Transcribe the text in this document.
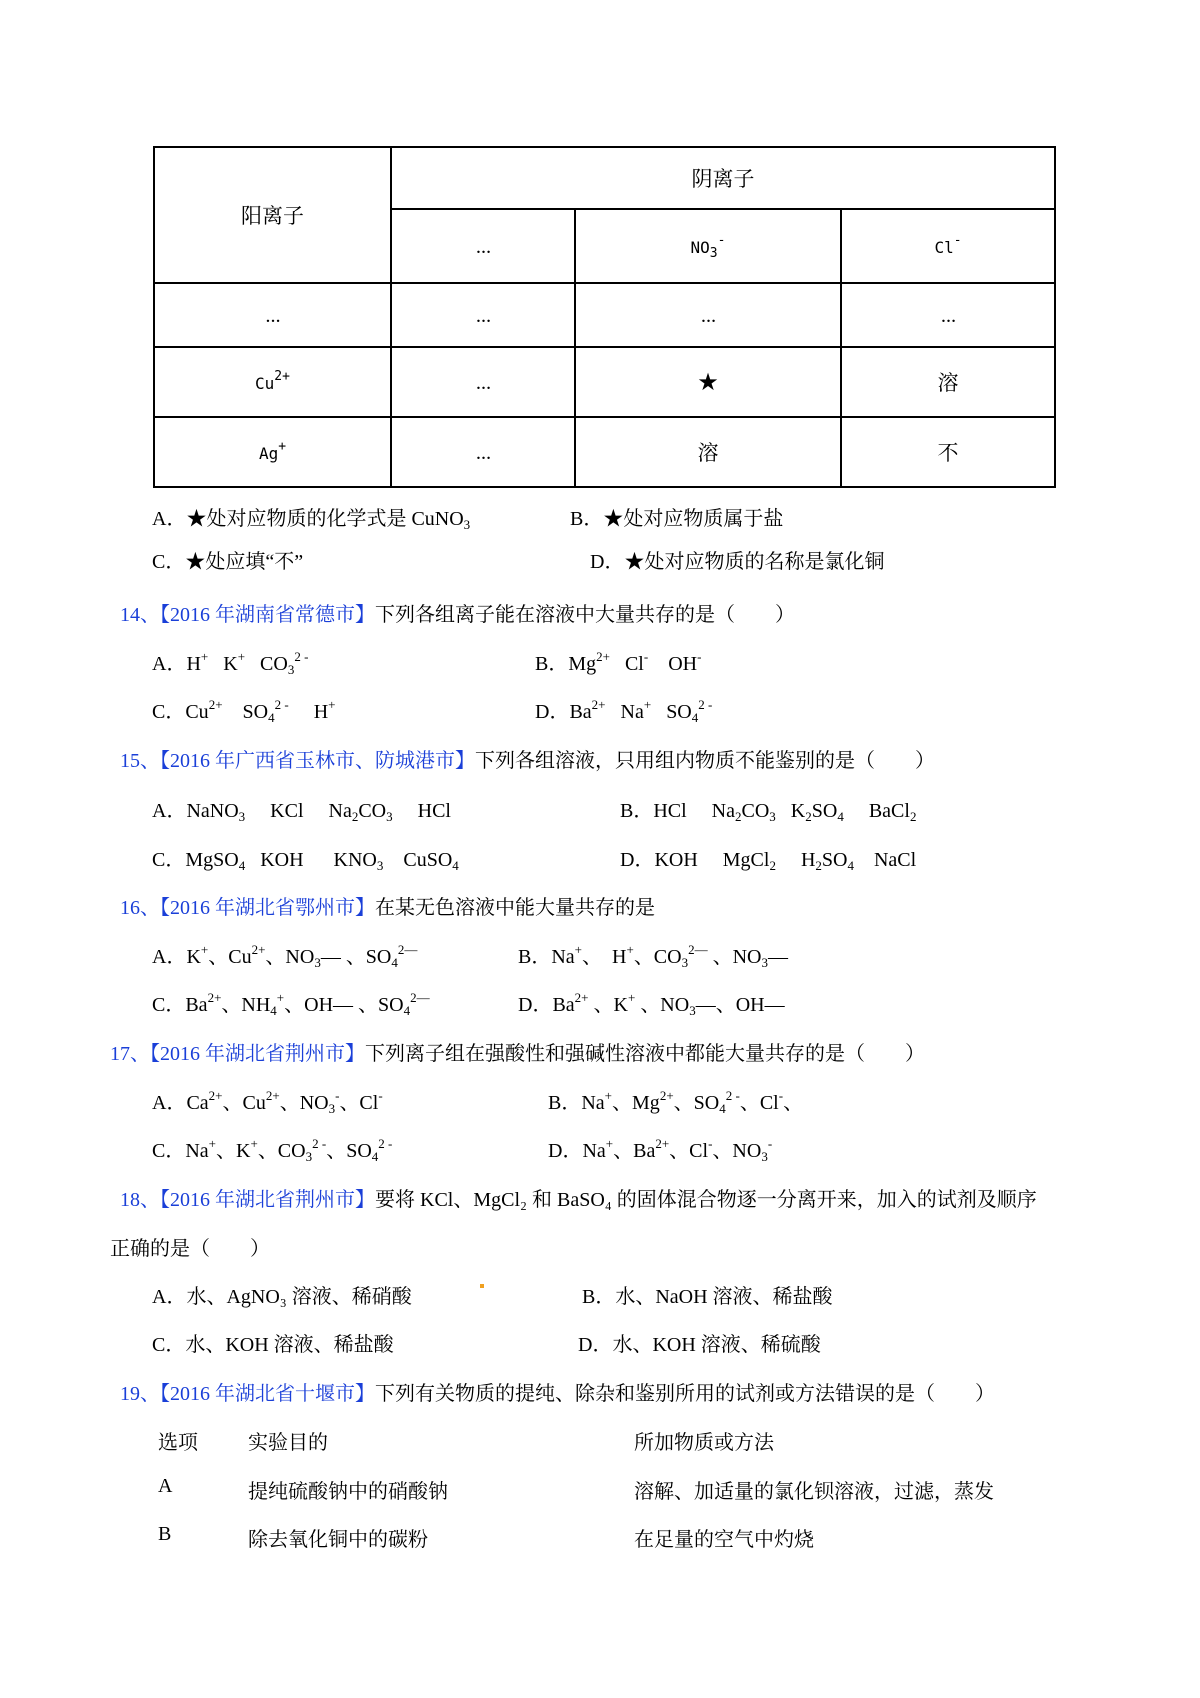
阳离子	阴离子		
	…	$NO_3^-$	Cl-
…	…	…	…
$Cu^{2+}$	…	★	溶
Ag+	…	溶	不
A．★处对应物质的化学式是 CuNO$_3$	B．★处对应物质属于盐
C．★处应填“不”	D．★处对应物质的名称是氯化铜
14、【2016 年湖南省常德市】下列各组离子能在溶液中大量共存的是（　　）
A．H+   K+   $CO_3^{2 -}$	B．$Mg^{2+}$   Cl-    OH-
C．$Cu^{2+}$    $SO_4^{2 -}$     H+	D．$Ba^{2+}$   Na+   $SO_4^{2 -}$
15、【2016 年广西省玉林市、防城港市】下列各组溶液，只用组内物质不能鉴别的是（　　）
A．NaNO$_3$     KCl     $Na_2CO_3$     HCl	B．HCl     $Na_2CO_3$   $K_2SO_4$     BaCl$_2$
C．MgSO$_4$   KOH      $KNO_3$    CuSO$_4$	D．KOH     MgCl$_2$     $H_2SO_4$    NaCl
16、【2016 年湖北省鄂州市】在某无色溶液中能大量共存的是
A．K+、$Cu^{2+}$、$NO_3—$ 、$SO_4^{2—}$	B．Na+、  H+、$CO_3^{2—}$ 、$NO_3—$
C．$Ba^{2+}$、$NH_4^+$、OH— 、$SO_4^{2—}$	D．$Ba^{2+}$ 、K+ 、$NO_3—$、OH—
17、【2016 年湖北省荆州市】下列离子组在强酸性和强碱性溶液中都能大量共存的是（　　）
A．$Ca^{2+}$、$Cu^{2+}$、$NO_3^-$、Cl-	B．Na+、$Mg^{2+}$、$SO_4^{2 -}$、Cl-、
C．Na+、K+、$CO_3^{2 -}$、$SO_4^{2 -}$	D．Na+、$Ba^{2+}$、Cl-、$NO_3^-$
18、【2016 年湖北省荆州市】要将 KCl、MgCl₂ 和 BaSO₄ 的固体混合物逐一分离开来，加入的试剂及顺序
正确的是（　　）
A．水、AgNO₃ 溶液、稀硝酸	B．水、NaOH 溶液、稀盐酸
C．水、KOH 溶液、稀盐酸	D．水、KOH 溶液、稀硫酸
19、【2016 年湖北省十堰市】下列有关物质的提纯、除杂和鉴别所用的试剂或方法错误的是（　　）
选项	实验目的	所加物质或方法
A	提纯硫酸钠中的硝酸钠	溶解、加适量的氯化钡溶液，过滤，蒸发
B	除去氧化铜中的碳粉	在足量的空气中灼烧
